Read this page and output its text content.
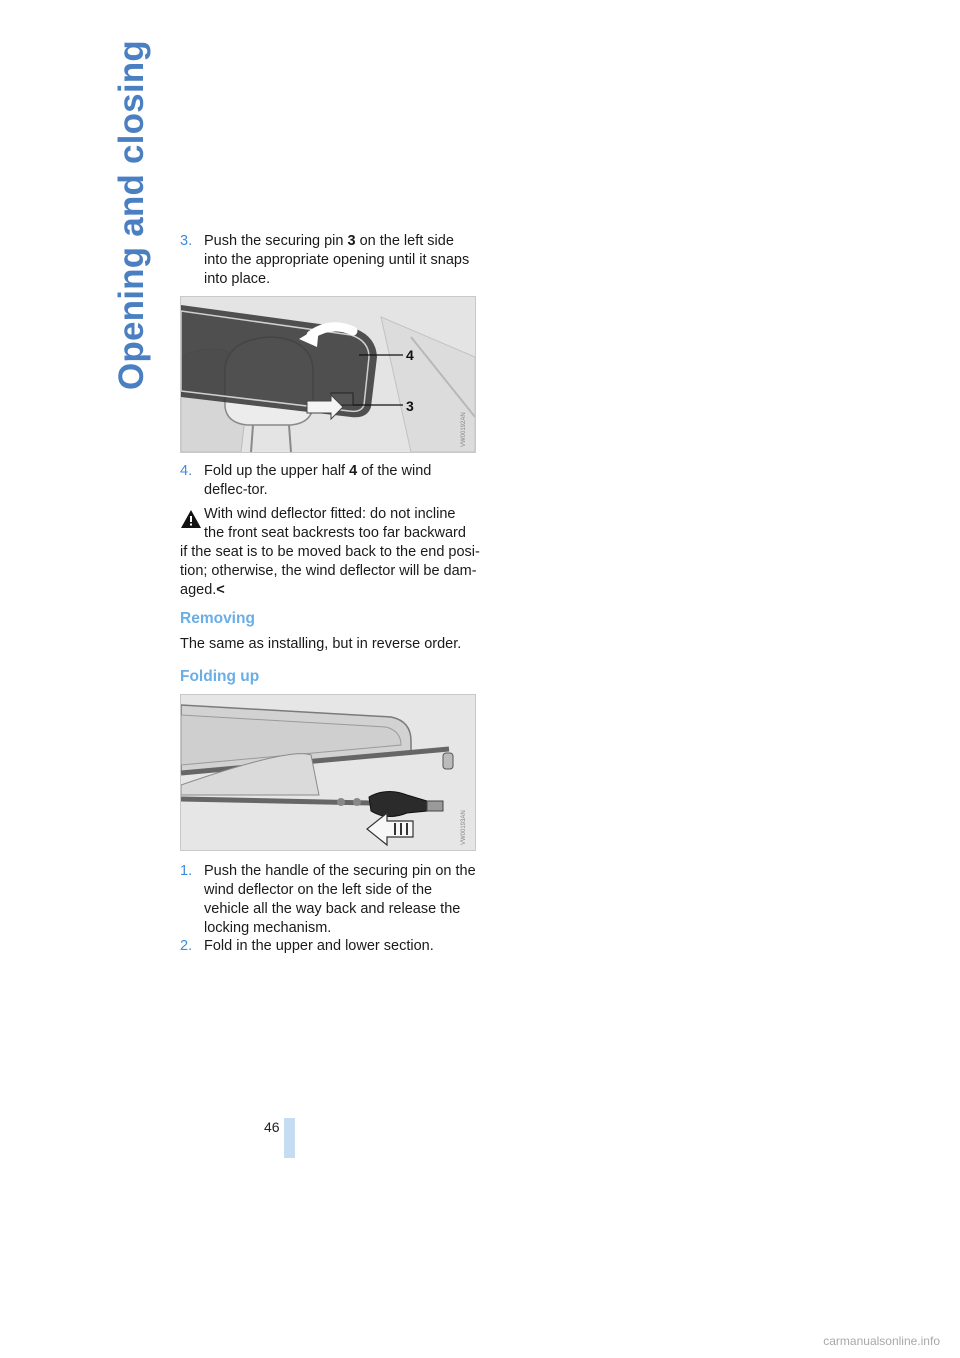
Opening and closing	3. Push the securing pin 3 on the left side into the appropriate opening until it snaps into place.
4
3
VW00192AN
4. Fold up the upper half 4 of the wind deflec-tor.
With wind deflector fitted: do not incline
the front seat backrests too far backward
if the seat is to be moved back to the end posi-
tion; otherwise, the wind deflector will be dam-
aged.<
Removing
The same as installing, but in reverse order.
Folding up
VW00193AN
1. Push the handle of the securing pin on the wind deflector on the left side of the vehicle all the way back and release the locking mechanism.
2. Fold in the upper and lower section.
46
carmanualsonline.info
